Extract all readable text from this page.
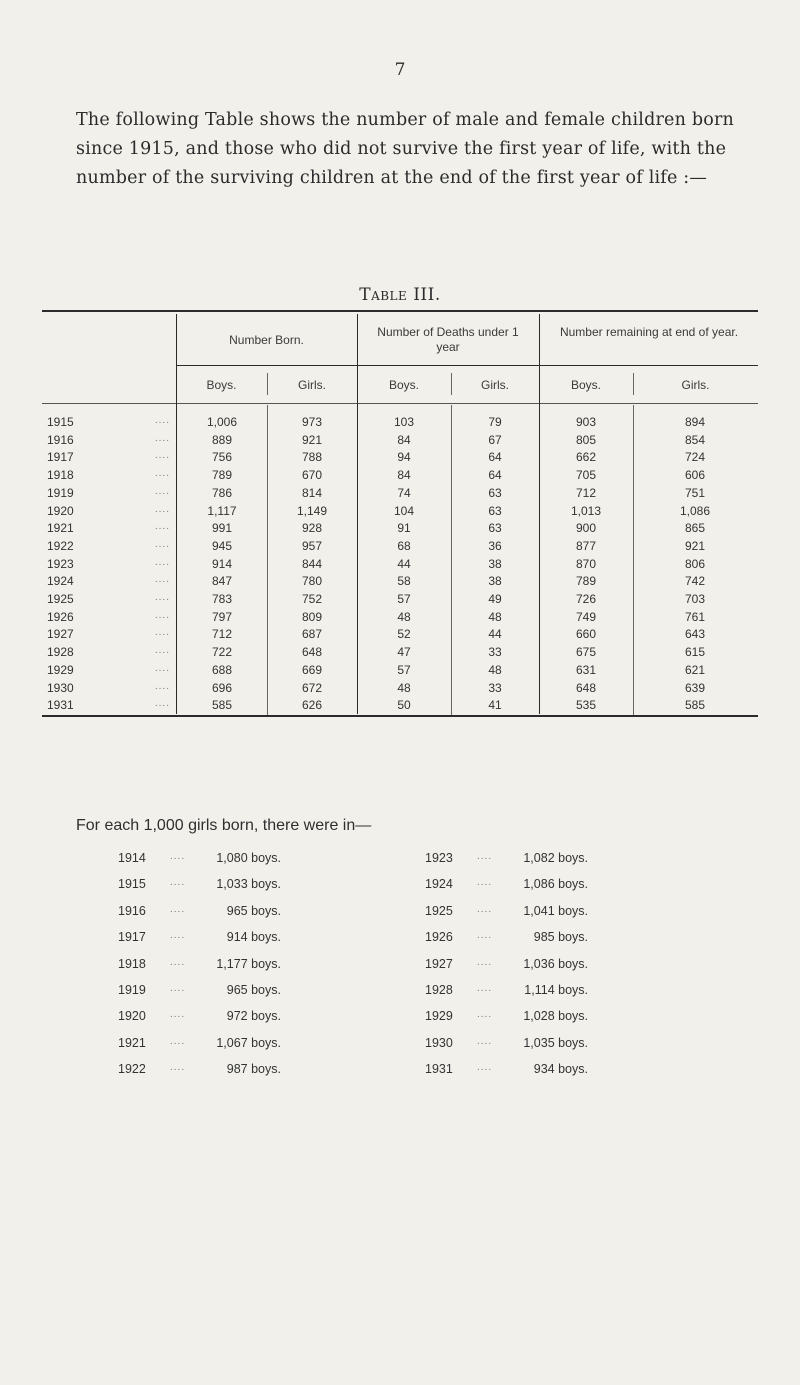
7
The following Table shows the number of male and female children born since 1915, and those who did not survive the first year of life, with the number of the surviving children at the end of the first year of life :—
Table III.
Number Born.
Number of Deaths under 1 year
Number remaining at end of year.
Boys.	Girls.	Boys.	Girls.	Boys.	Girls.
1915	....	1,006	973	103	79	903	894
1916	....	889	921	84	67	805	854
1917	....	756	788	94	64	662	724
1918	....	789	670	84	64	705	606
1919	....	786	814	74	63	712	751
1920	....	1,117	1,149	104	63	1,013	1,086
1921	....	991	928	91	63	900	865
1922	....	945	957	68	36	877	921
1923	....	914	844	44	38	870	806
1924	....	847	780	58	38	789	742
1925	....	783	752	57	49	726	703
1926	....	797	809	48	48	749	761
1927	....	712	687	52	44	660	643
1928	....	722	648	47	33	675	615
1929	....	688	669	57	48	631	621
1930	....	696	672	48	33	648	639
1931	....	585	626	50	41	535	585
For each 1,000 girls born, there were in—
1914 ....	1,080 boys.
1915 ....	1,033 boys.
1916 ....	965 boys.
1917 ....	914 boys.
1918 ....	1,177 boys.
1919 ....	965 boys.
1920 ....	972 boys.
1921 ....	1,067 boys.
1922 ....	987 boys.
1923 ....	1,082 boys.
1924 ....	1,086 boys.
1925 ....	1,041 boys.
1926 ....	985 boys.
1927 ....	1,036 boys.
1928 ....	1,114 boys.
1929 ....	1,028 boys.
1930 ....	1,035 boys.
1931 ....	934 boys.
